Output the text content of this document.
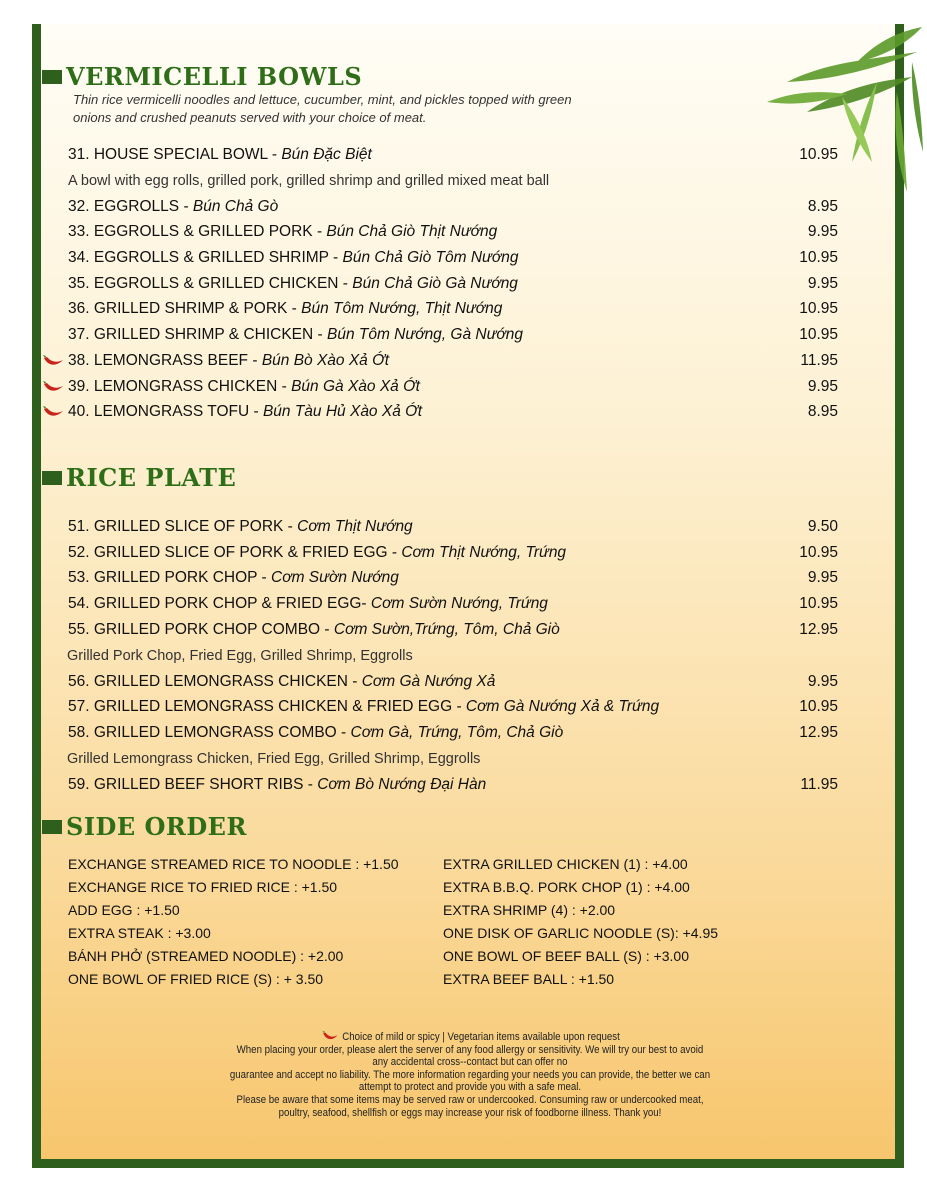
VERMICELLI BOWLS
Thin rice vermicelli noodles and lettuce, cucumber, mint, and pickles topped with green
onions and crushed peanuts served with your choice of meat.
31. HOUSE SPECIAL BOWL - Bún Đặc Biệt	10.95
A bowl with egg rolls, grilled pork, grilled shrimp and grilled mixed meat ball
32. EGGROLLS - Bún Chả Gò	8.95
33. EGGROLLS & GRILLED PORK - Bún Chả Giò Thịt Nướng	9.95
34. EGGROLLS & GRILLED SHRIMP - Bún Chả Giò Tôm Nướng	10.95
35. EGGROLLS & GRILLED CHICKEN - Bún Chả Giò Gà Nướng	9.95
36. GRILLED SHRIMP & PORK - Bún Tôm Nướng, Thịt Nướng	10.95
37. GRILLED SHRIMP & CHICKEN - Bún Tôm Nướng, Gà Nướng	10.95
38. LEMONGRASS BEEF - Bún Bò Xào Xả Ớt	11.95
39. LEMONGRASS CHICKEN - Bún Gà Xào Xả Ớt	9.95
40. LEMONGRASS TOFU - Bún Tàu Hủ Xào Xả Ớt	8.95
RICE PLATE
51. GRILLED SLICE OF PORK - Cơm Thịt Nướng	9.50
52. GRILLED SLICE OF PORK & FRIED EGG - Cơm Thịt Nướng, Trứng	10.95
53. GRILLED PORK CHOP - Cơm Sườn Nướng	9.95
54. GRILLED PORK CHOP & FRIED EGG- Cơm Sườn Nướng, Trứng	10.95
55. GRILLED PORK CHOP COMBO - Cơm Sườn,Trứng, Tôm, Chả Giò	12.95
Grilled Pork Chop, Fried Egg, Grilled Shrimp, Eggrolls
56. GRILLED LEMONGRASS CHICKEN - Cơm Gà Nướng Xả	9.95
57. GRILLED LEMONGRASS CHICKEN & FRIED EGG - Cơm Gà Nướng Xả & Trứng	10.95
58. GRILLED LEMONGRASS COMBO - Cơm Gà, Trứng, Tôm, Chả Giò	12.95
Grilled Lemongrass Chicken, Fried Egg, Grilled Shrimp, Eggrolls
59. GRILLED BEEF SHORT RIBS - Cơm Bò Nướng Đại Hàn	11.95
SIDE ORDER
EXCHANGE STREAMED RICE TO NOODLE : +1.50
EXCHANGE RICE TO FRIED RICE : +1.50
ADD EGG : +1.50
EXTRA STEAK : +3.00
BÁNH PHỞ (STREAMED NOODLE) : +2.00
ONE BOWL OF FRIED RICE (S) : + 3.50
EXTRA GRILLED CHICKEN (1) : +4.00
EXTRA B.B.Q. PORK CHOP (1) : +4.00
EXTRA SHRIMP (4) : +2.00
ONE DISK OF GARLIC NOODLE (S): +4.95
ONE BOWL OF BEEF BALL (S) : +3.00
EXTRA BEEF BALL : +1.50
Choice of mild or spicy | Vegetarian items available upon request
When placing your order, please alert the server of any food allergy or sensitivity. We will try our best to avoid
any accidental cross--contact but can offer no
guarantee and accept no liability. The more information regarding your needs you can provide, the better we can
attempt to protect and provide you with a safe meal.
Please be aware that some items may be served raw or undercooked. Consuming raw or undercooked meat,
poultry, seafood, shellfish or eggs may increase your risk of foodborne illness. Thank you!
